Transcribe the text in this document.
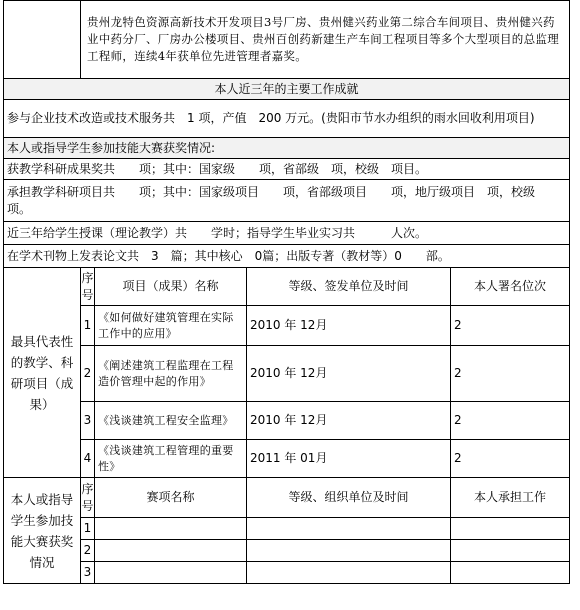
	贵州龙特色资源高新技术开发项目3号厂房、贵州健兴药业第二综合车间项目、贵州健兴药业中药分厂、厂房办公楼项目、贵州百创药新建生产车间工程项目等多个大型项目的总监理工程师，连续4年获单位先进管理者嘉奖。			
本人近三年的主要工作成就				
参与企业技术改造或技术服务共　1 项，产值　200 万元。(贵阳市节水办组织的雨水回收利用项目)				
本人或指导学生参加技能大赛获奖情况:				
获教学科研成果奖共　　项；其中：国家级　　项，省部级　项，校级　项目。				
承担教学科研项目共　　项；其中：国家级项目　　项，省部级项目　　项，地厅级项目　项，校级　项。				
近三年给学生授课（理论教学）共　　学时；指导学生毕业实习共　　　人次。				
在学术刊物上发表论文共　3　篇；其中核心　0篇；出版专著（教材等）0　　部。				
最具代表性的教学、科研项目（成果）	序号	项目（成果）名称	等级、签发单位及时间	本人署名位次
	1	《如何做好建筑管理在实际工作中的应用》	2010 年 12月	2
	2	《阐述建筑工程监理在工程造价管理中起的作用》	2010 年 12月	2
	3	《浅谈建筑工程安全监理》	2010 年 12月	2
	4	《浅谈建筑工程管理的重要性》	2011 年 01月	2
本人或指导学生参加技能大赛获奖情况	序号	赛项名称	等级、组织单位及时间	本人承担工作
	1			
	2			
	3			
